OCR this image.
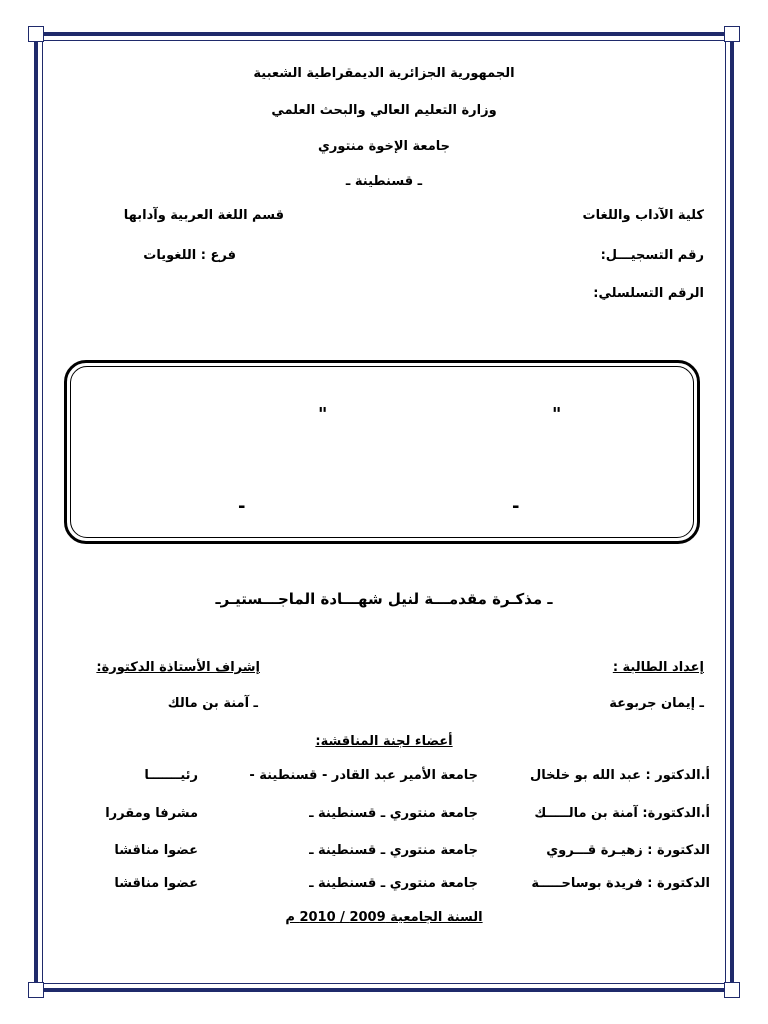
الجمهورية الجزائرية الديمقراطية الشعبية
وزارة التعليم العالي والبحث العلمي
جامعة الإخوة منتوري
ـ قسنطينة ـ
كلية الآداب واللغات
قسم اللغة العربية وآدابها
رقم التسجيـــل:
فرع : اللغويات
الرقم التسلسلي:
"
"
-	-
ـ مذكـرة مقدمـــة لنيل شهـــادة الماجـــستيـرـ
إعداد الطالبة :
إشراف الأستاذة الدكتورة:
ـ إيمان جربوعة
ـ آمنة بن مالك
أعضاء لجنة المناقشة:
أ.الدكتور : عبد الله بو خلخال
جامعة الأمير عبد القادر - قسنطينة -
رئيـــــــا
أ.الدكتورة: آمنة بن مالـــــك
جامعة منتوري ـ قسنطينة ـ
مشرفا ومقررا
الدكتورة : زهيـرة قـــروي
جامعة منتوري ـ قسنطينة ـ
عضوا مناقشا
الدكتورة : فريدة بوساحـــــة
جامعة منتوري ـ قسنطينة ـ
عضوا مناقشا
السنة الجامعية 2009 / 2010 م
